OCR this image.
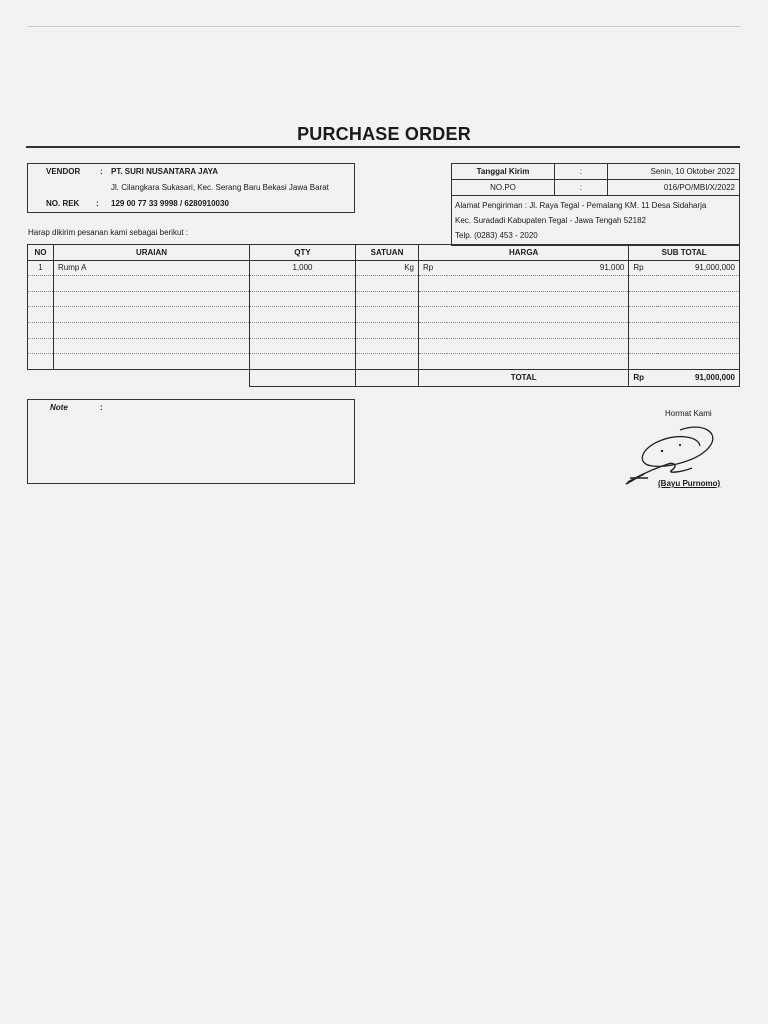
PURCHASE ORDER
VENDOR : PT. SURI NUSANTARA JAYA
Jl. Cilangkara Sukasari, Kec. Serang Baru Bekasi Jawa Barat
NO. REK : 129 00 77 33 9998 / 6280910030
Tanggal Kirim	:	Senin, 10 Oktober 2022
NO.PO	:	016/PO/MBI/X/2022

Alamat Pengiriman : Jl. Raya Tegal - Pemalang KM. 11 Desa Sidaharja
Kec. Suradadi Kabupaten Tegal - Jawa Tengah 52182
Telp. (0283) 453 - 2020		
Harap dikirim pesanan kami sebagai berikut :
NO	URAIAN	QTY	SATUAN	HARGA		SUB TOTAL	
1	Rump A	1,000	Kg	Rp	91,000	Rp	91,000,000

				TOTAL		Rp	91,000,000
Note	:
Hormat Kami
(Bayu Purnomo)
